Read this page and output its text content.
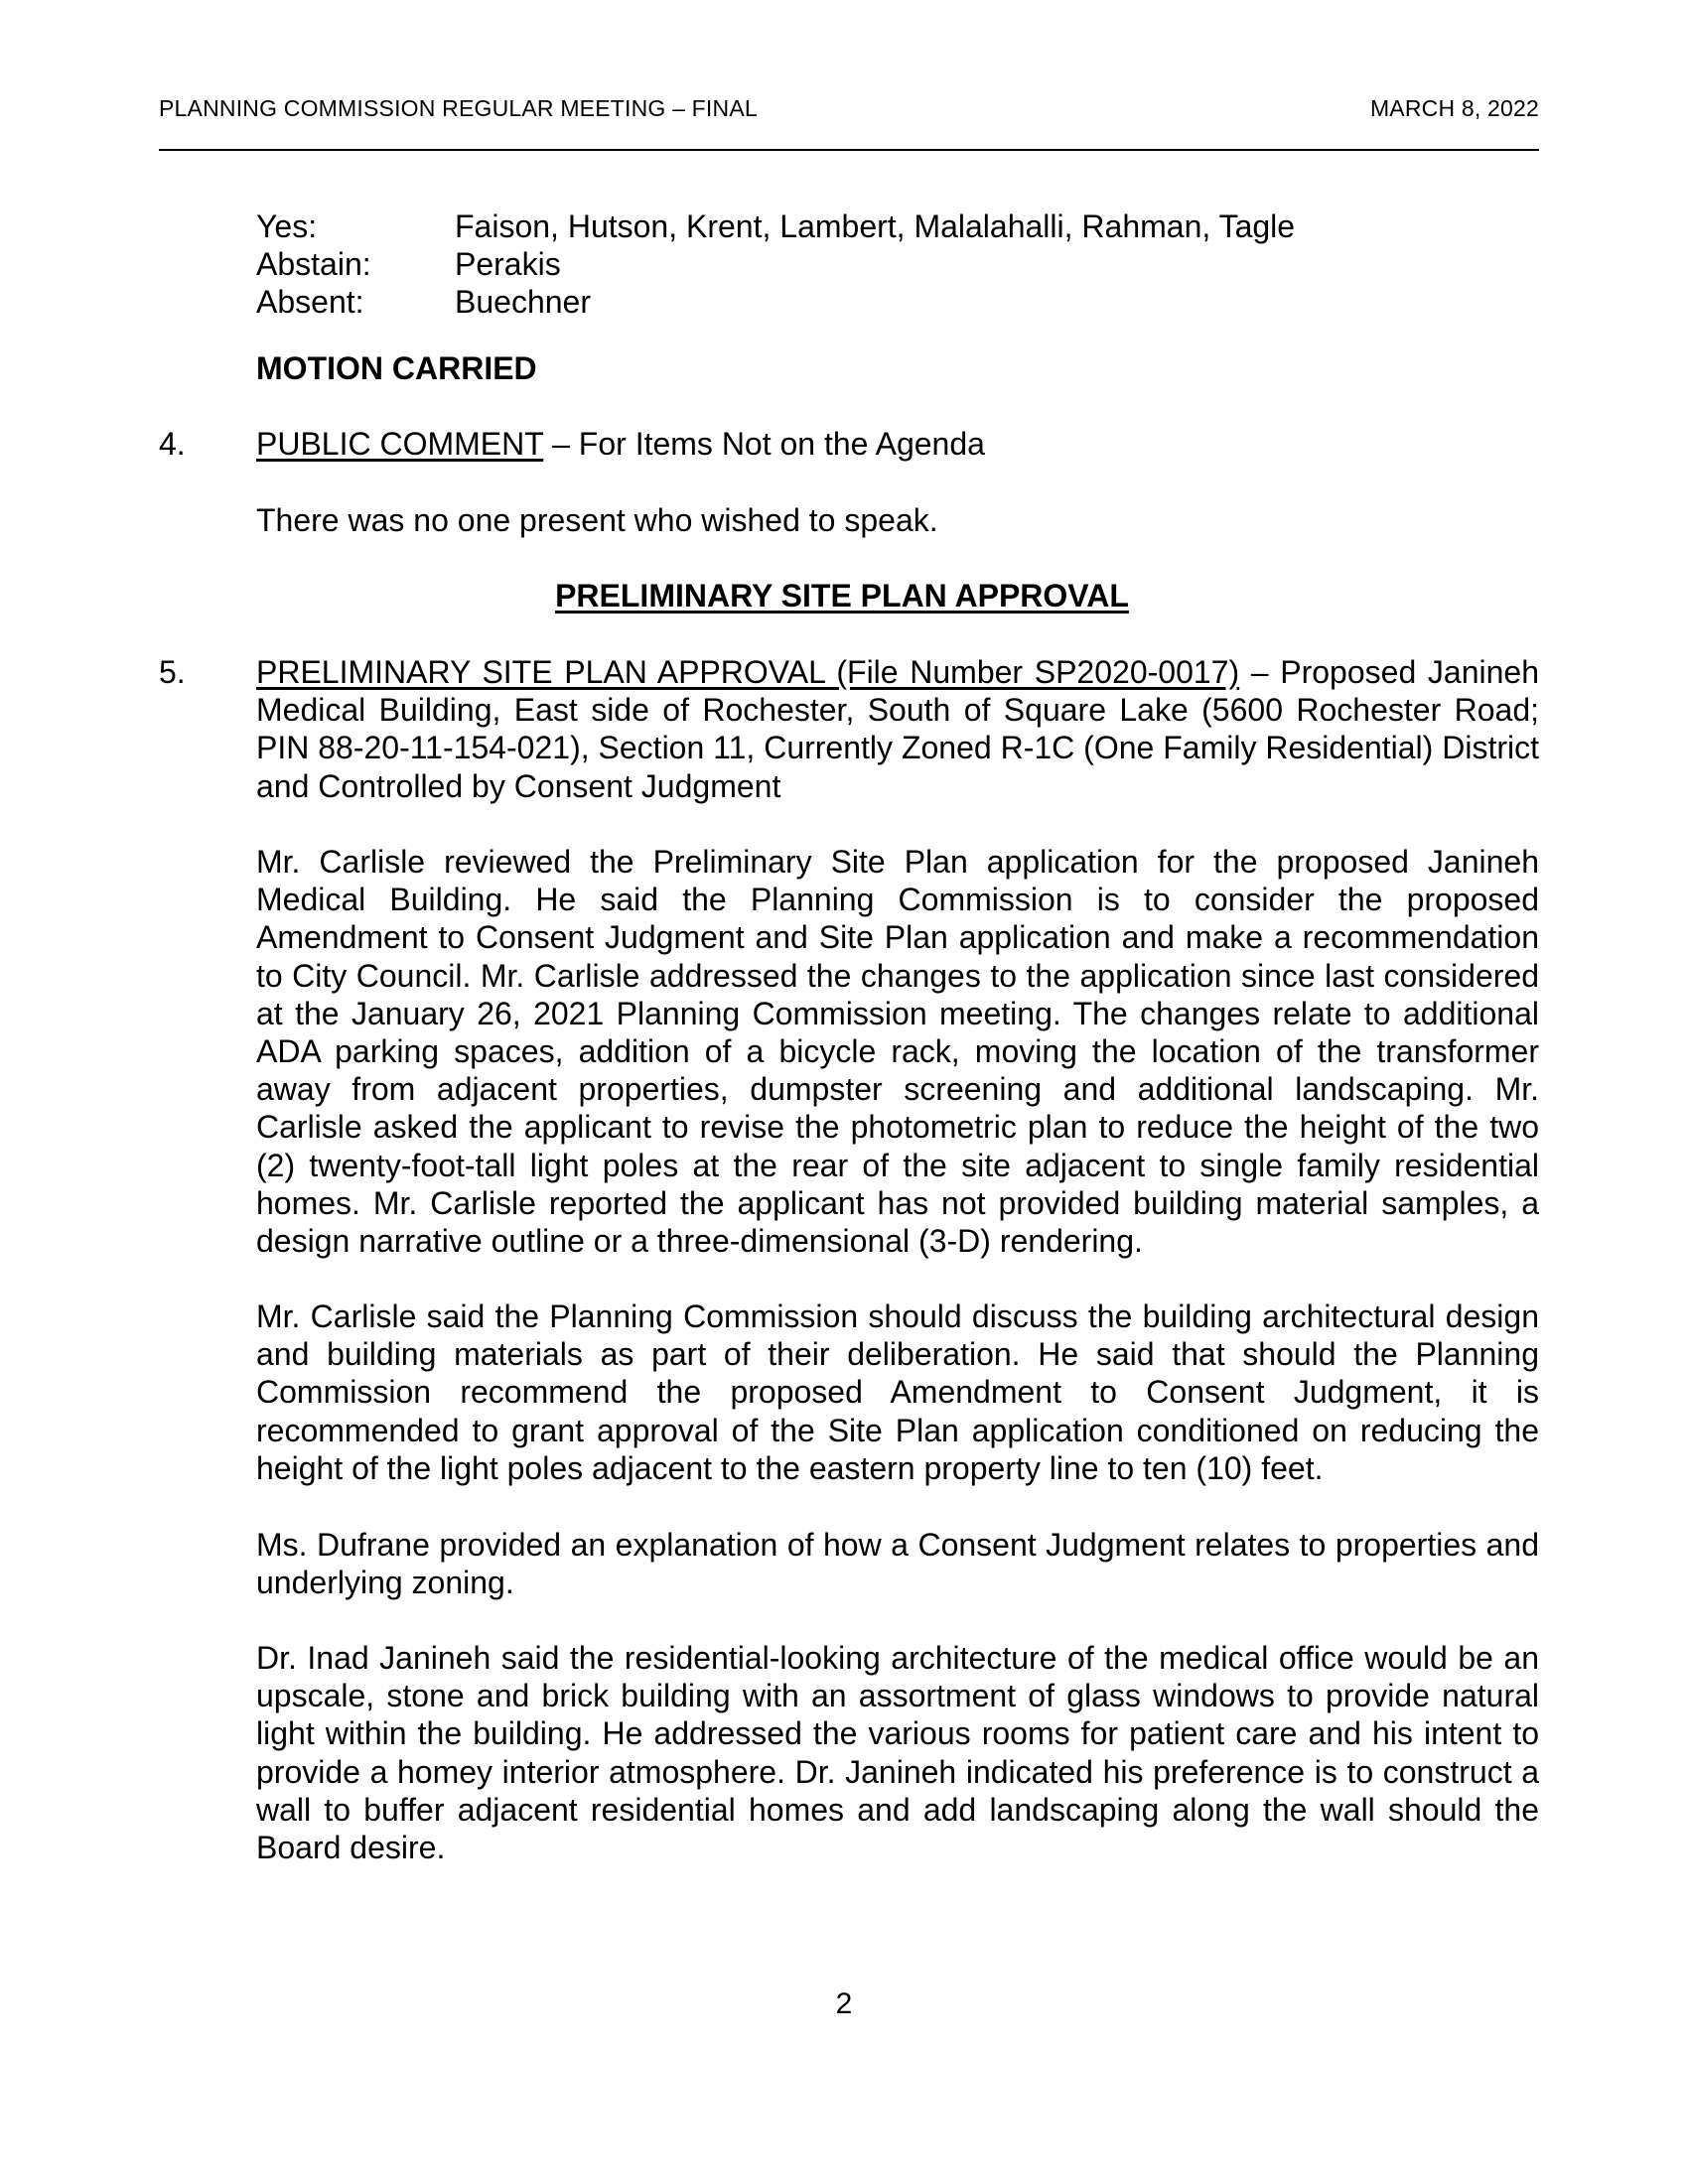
PLANNING COMMISSION REGULAR MEETING – FINAL	MARCH 8, 2022
Yes:	Faison, Hutson, Krent, Lambert, Malalahalli, Rahman, Tagle
Abstain:	Perakis
Absent:	Buechner
MOTION CARRIED
4. PUBLIC COMMENT – For Items Not on the Agenda
There was no one present who wished to speak.
PRELIMINARY SITE PLAN APPROVAL
5. PRELIMINARY SITE PLAN APPROVAL (File Number SP2020-0017) – Proposed Janineh Medical Building, East side of Rochester, South of Square Lake (5600 Rochester Road; PIN 88-20-11-154-021), Section 11, Currently Zoned R-1C (One Family Residential) District and Controlled by Consent Judgment
Mr. Carlisle reviewed the Preliminary Site Plan application for the proposed Janineh Medical Building. He said the Planning Commission is to consider the proposed Amendment to Consent Judgment and Site Plan application and make a recommendation to City Council. Mr. Carlisle addressed the changes to the application since last considered at the January 26, 2021 Planning Commission meeting. The changes relate to additional ADA parking spaces, addition of a bicycle rack, moving the location of the transformer away from adjacent properties, dumpster screening and additional landscaping. Mr. Carlisle asked the applicant to revise the photometric plan to reduce the height of the two (2) twenty-foot-tall light poles at the rear of the site adjacent to single family residential homes. Mr. Carlisle reported the applicant has not provided building material samples, a design narrative outline or a three-dimensional (3-D) rendering.
Mr. Carlisle said the Planning Commission should discuss the building architectural design and building materials as part of their deliberation. He said that should the Planning Commission recommend the proposed Amendment to Consent Judgment, it is recommended to grant approval of the Site Plan application conditioned on reducing the height of the light poles adjacent to the eastern property line to ten (10) feet.
Ms. Dufrane provided an explanation of how a Consent Judgment relates to properties and underlying zoning.
Dr. Inad Janineh said the residential-looking architecture of the medical office would be an upscale, stone and brick building with an assortment of glass windows to provide natural light within the building. He addressed the various rooms for patient care and his intent to provide a homey interior atmosphere. Dr. Janineh indicated his preference is to construct a wall to buffer adjacent residential homes and add landscaping along the wall should the Board desire.
2
